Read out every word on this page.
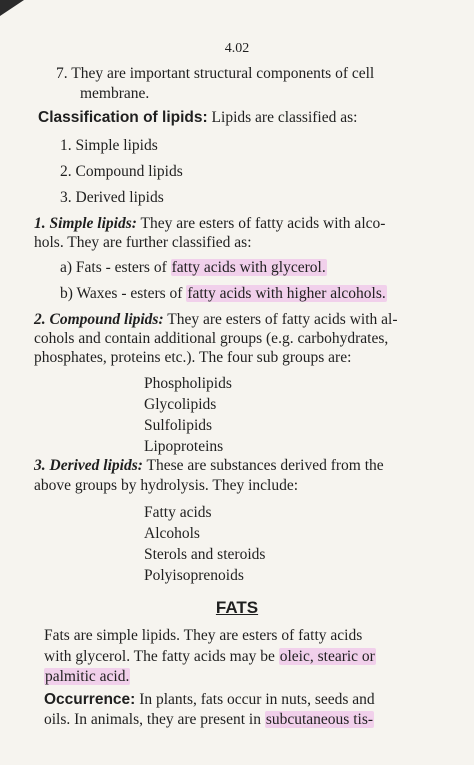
4.02
7. They are important structural components of cell
membrane.
Classification of lipids: Lipids are classified as:
1. Simple lipids
2. Compound lipids
3. Derived lipids
1. Simple lipids: They are esters of fatty acids with alco-
hols. They are further classified as:
a) Fats - esters of fatty acids with glycerol.
b) Waxes - esters of fatty acids with higher alcohols.
2. Compound lipids: They are esters of fatty acids with al-
cohols and contain additional groups (e.g. carbohydrates,
phosphates, proteins etc.). The four sub groups are:
Phospholipids
Glycolipids
Sulfolipids
Lipoproteins
3. Derived lipids: These are substances derived from the
above groups by hydrolysis. They include:
Fatty acids
Alcohols
Sterols and steroids
Polyisoprenoids
FATS
Fats are simple lipids. They are esters of fatty acids
with glycerol. The fatty acids may be oleic, stearic or
palmitic acid.
Occurrence: In plants, fats occur in nuts, seeds and
oils. In animals, they are present in subcutaneous tis-
